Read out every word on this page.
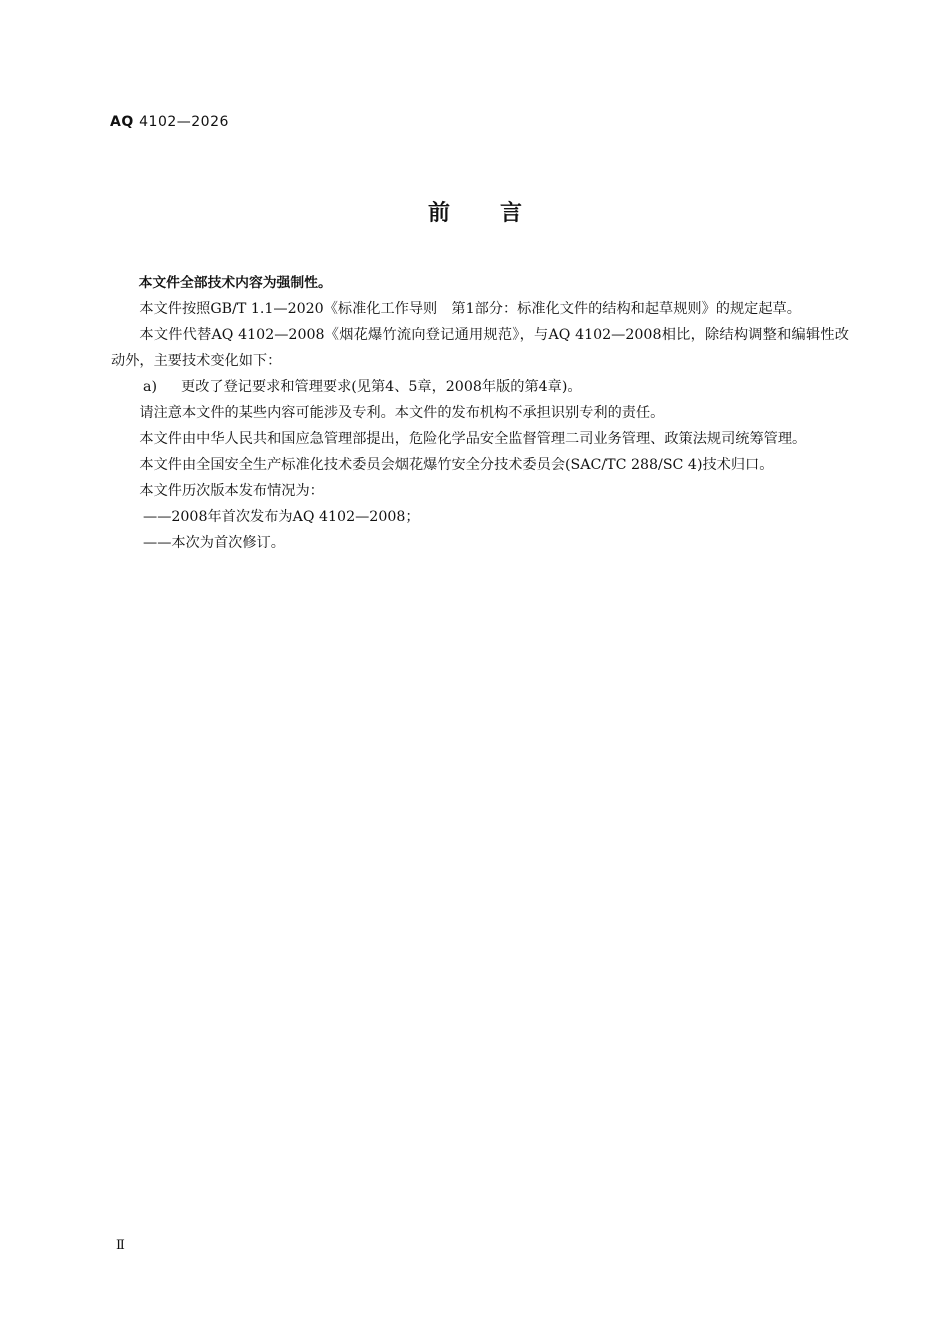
AQ 4102—2026
前言

本文件全部技术内容为强制性。

本文件按照GB/T 1.1—2020《标准化工作导则　第1部分：标准化文件的结构和起草规则》的规定起草。

本文件代替AQ 4102—2008《烟花爆竹流向登记通用规范》，与AQ 4102—2008相比，除结构调整和编辑性改动外，主要技术变化如下：

a) 更改了登记要求和管理要求(见第4、5章，2008年版的第4章)。

请注意本文件的某些内容可能涉及专利。本文件的发布机构不承担识别专利的责任。

本文件由中华人民共和国应急管理部提出，危险化学品安全监督管理二司业务管理、政策法规司统筹管理。

本文件由全国安全生产标准化技术委员会烟花爆竹安全分技术委员会(SAC/TC 288/SC 4)技术归口。

本文件历次版本发布情况为：

——2008年首次发布为AQ 4102—2008；

——本次为首次修订。

Ⅱ
